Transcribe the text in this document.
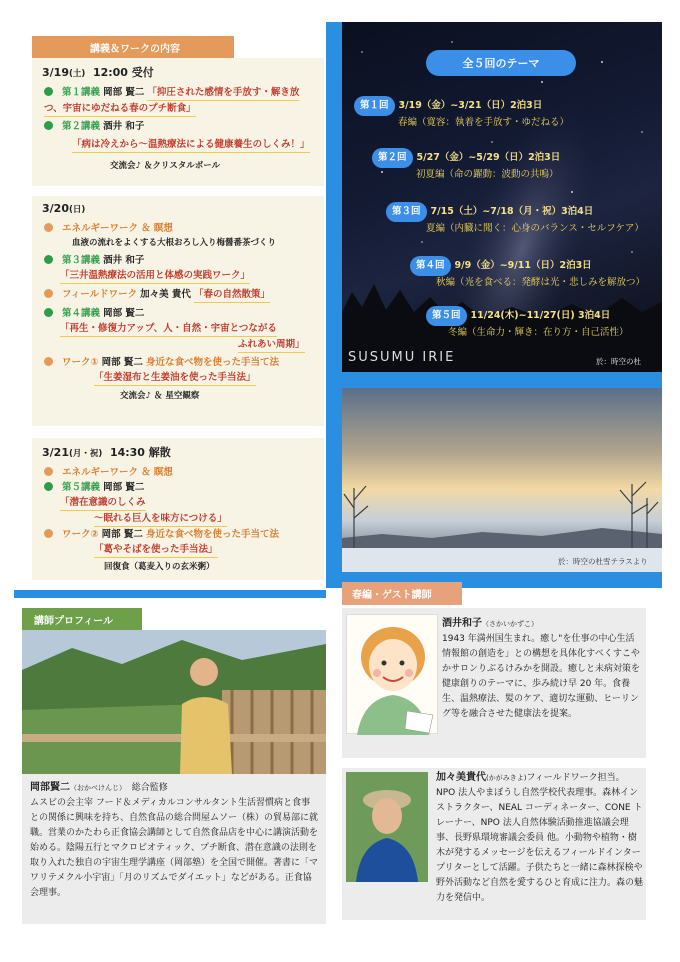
講義＆ワークの内容
3/19(土) 12:00 受付
第１講義 岡部 賢二 「抑圧された感情を手放す・解き放
つ、宇宙にゆだねる春のプチ断食」
第２講義 酒井 和子
「病は冷えから～温熱療法による健康養生のしくみ！」
交流会♪ ＆クリスタルボール
3/20(日)
エネルギーワーク ＆ 瞑想
血液の流れをよくする大根おろし入り梅醤番茶づくり
第３講義 酒井 和子
「三井温熱療法の活用と体感の実践ワーク」
フィールドワーク 加々美 貴代 「春の自然散策」
第４講義 岡部 賢二
「再生・修復力アップ、人・自然・宇宙とつながる
ふれあい周期」
ワーク① 岡部 賢二 身近な食べ物を使った手当て法
「生姜湿布と生姜油を使った手当法」
交流会♪ ＆ 星空観察
3/21(月・祝) 14:30 解散
エネルギーワーク ＆ 瞑想
第５講義 岡部 賢二
「潜在意識のしくみ
～眠れる巨人を味方につける」
ワーク② 岡部 賢二 身近な食べ物を使った手当て法
「葛やそばを使った手当法」
回復食（葛麦入りの玄米粥）
全５回のテーマ
第１回 3/19（金）~3/21（日）2泊3日
春編（寛容：執着を手放す・ゆだねる）
第２回 5/27（金）~5/29（日）2泊3日
初夏編（命の躍動：波動の共鳴）
第３回 7/15（土）~7/18（月・祝）3泊4日
夏編（内臓に聞く：心身のバランス・セルフケア）
第４回 9/9（金）~9/11（日）2泊3日
秋編（光を食べる：発酵は光・悲しみを解放つ）
第５回 11/24(木)~11/27(日) 3泊4日
冬編（生命力・輝き：在り方・自己活性）
SUSUMU IRIE	於：時空の杜
於：時空の杜雪テラスより
春編・ゲスト講師
酒井和子（さかいかずこ）
1943 年満州国生まれ。癒し"を仕事の中心生活情報館の創造を」との構想を具体化すべくすこやかサロンりぶるけみかを開設。癒しと未病対策を健康創りのテーマに、歩み続け早 20 年。食養生、温熱療法、髪のケア、適切な運動、ヒーリング等を融合させた健康法を提案。
加々美貴代(かがみきよ)フィールドワーク担当。
NPO 法人やまぼうし自然学校代表理事。森林インストラクター、NEAL コーディネーター、CONE トレーナー、NPO 法人自然体験活動推進協議会理事、長野県環境審議会委員 他。小動物や植物・樹木が発するメッセージを伝えるフィールドインタープリターとして活躍。子供たちと一緒に森林探検や野外活動など自然を愛するひと育成に注力。森の魅力を発信中。
講師プロフィール
岡部賢二（おかべけんじ） 総合監修
ムスビの会主宰 フード＆メディカルコンサルタント生活習慣病と食事との関係に興味を持ち、自然食品の総合問屋ムソー（株）の貿易部に就職。営業のかたわら正食協会講師として自然食品店を中心に講演活動を始める。陰陽五行とマクロビオティック、プチ断食、潜在意識の法則を取り入れた独自の宇宙生理学講座（岡部塾）を全国で開催。著書に「マワリテメクル小宇宙」「月のリズムでダイエット」などがある。正食協会理事。
